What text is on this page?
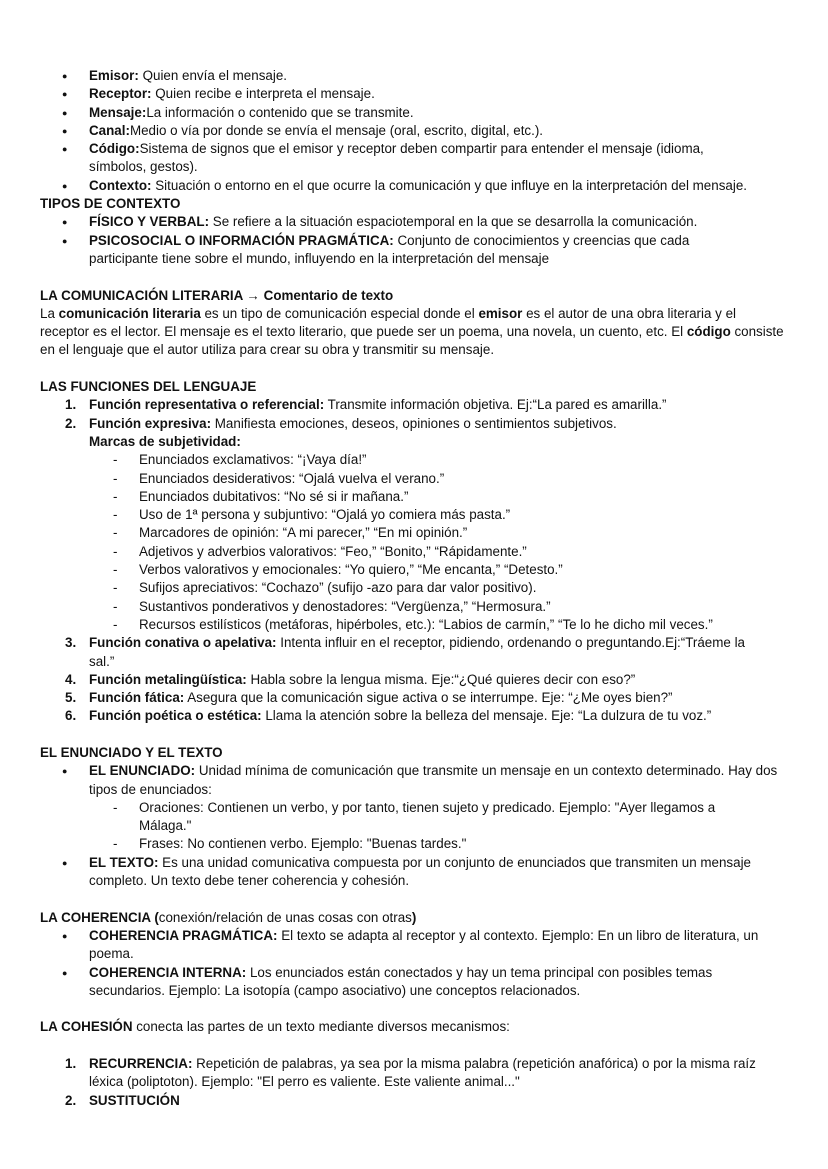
● Emisor: Quien envía el mensaje.
● Receptor: Quien recibe e interpreta el mensaje.
● Mensaje:La información o contenido que se transmite.
● Canal:Medio o vía por donde se envía el mensaje (oral, escrito, digital, etc.).
● Código:Sistema de signos que el emisor y receptor deben compartir para entender el mensaje (idioma, símbolos, gestos).
● Contexto: Situación o entorno en el que ocurre la comunicación y que influye en la interpretación del mensaje.
TIPOS DE CONTEXTO
● FÍSICO Y VERBAL: Se refiere a la situación espaciotemporal en la que se desarrolla la comunicación.
● PSICOSOCIAL O INFORMACIÓN PRAGMÁTICA: Conjunto de conocimientos y creencias que cada participante tiene sobre el mundo, influyendo en la interpretación del mensaje
LA COMUNICACIÓN LITERARIA → Comentario de texto
La comunicación literaria es un tipo de comunicación especial donde el emisor es el autor de una obra literaria y el receptor es el lector. El mensaje es el texto literario, que puede ser un poema, una novela, un cuento, etc. El código consiste en el lenguaje que el autor utiliza para crear su obra y transmitir su mensaje.
LAS FUNCIONES DEL LENGUAJE
1. Función representativa o referencial: Transmite información objetiva. Ej:“La pared es amarilla.”
2. Función expresiva: Manifiesta emociones, deseos, opiniones o sentimientos subjetivos.
Marcas de subjetividad:
- Enunciados exclamativos: “¡Vaya día!”
- Enunciados desiderativos: “Ojalá vuelva el verano.”
- Enunciados dubitativos: “No sé si ir mañana.”
- Uso de 1ª persona y subjuntivo: “Ojalá yo comiera más pasta.”
- Marcadores de opinión: “A mi parecer,” “En mi opinión.”
- Adjetivos y adverbios valorativos: “Feo,” “Bonito,” “Rápidamente.”
- Verbos valorativos y emocionales: “Yo quiero,” “Me encanta,” “Detesto.”
- Sufijos apreciativos: “Cochazo” (sufijo -azo para dar valor positivo).
- Sustantivos ponderativos y denostadores: “Vergüenza,” “Hermosura.”
- Recursos estilísticos (metáforas, hipérboles, etc.): “Labios de carmín,” “Te lo he dicho mil veces.”
3. Función conativa o apelativa: Intenta influir en el receptor, pidiendo, ordenando o preguntando.Ej:“Tráeme la sal.”
4. Función metalingüística: Habla sobre la lengua misma. Eje:“¿Qué quieres decir con eso?”
5. Función fática: Asegura que la comunicación sigue activa o se interrumpe. Eje: “¿Me oyes bien?”
6. Función poética o estética: Llama la atención sobre la belleza del mensaje. Eje: “La dulzura de tu voz.”
EL ENUNCIADO Y EL TEXTO
● EL ENUNCIADO: Unidad mínima de comunicación que transmite un mensaje en un contexto determinado. Hay dos tipos de enunciados:
- Oraciones: Contienen un verbo, y por tanto, tienen sujeto y predicado. Ejemplo: "Ayer llegamos a Málaga."
- Frases: No contienen verbo. Ejemplo: "Buenas tardes."
● EL TEXTO: Es una unidad comunicativa compuesta por un conjunto de enunciados que transmiten un mensaje completo. Un texto debe tener coherencia y cohesión.
LA COHERENCIA (conexión/relación de unas cosas con otras)
● COHERENCIA PRAGMÁTICA: El texto se adapta al receptor y al contexto. Ejemplo: En un libro de literatura, un poema.
● COHERENCIA INTERNA: Los enunciados están conectados y hay un tema principal con posibles temas secundarios. Ejemplo: La isotopía (campo asociativo) une conceptos relacionados.
LA COHESIÓN conecta las partes de un texto mediante diversos mecanismos:
1. RECURRENCIA: Repetición de palabras, ya sea por la misma palabra (repetición anafórica) o por la misma raíz léxica (poliptoton). Ejemplo: "El perro es valiente. Este valiente animal..."
2. SUSTITUCIÓN
